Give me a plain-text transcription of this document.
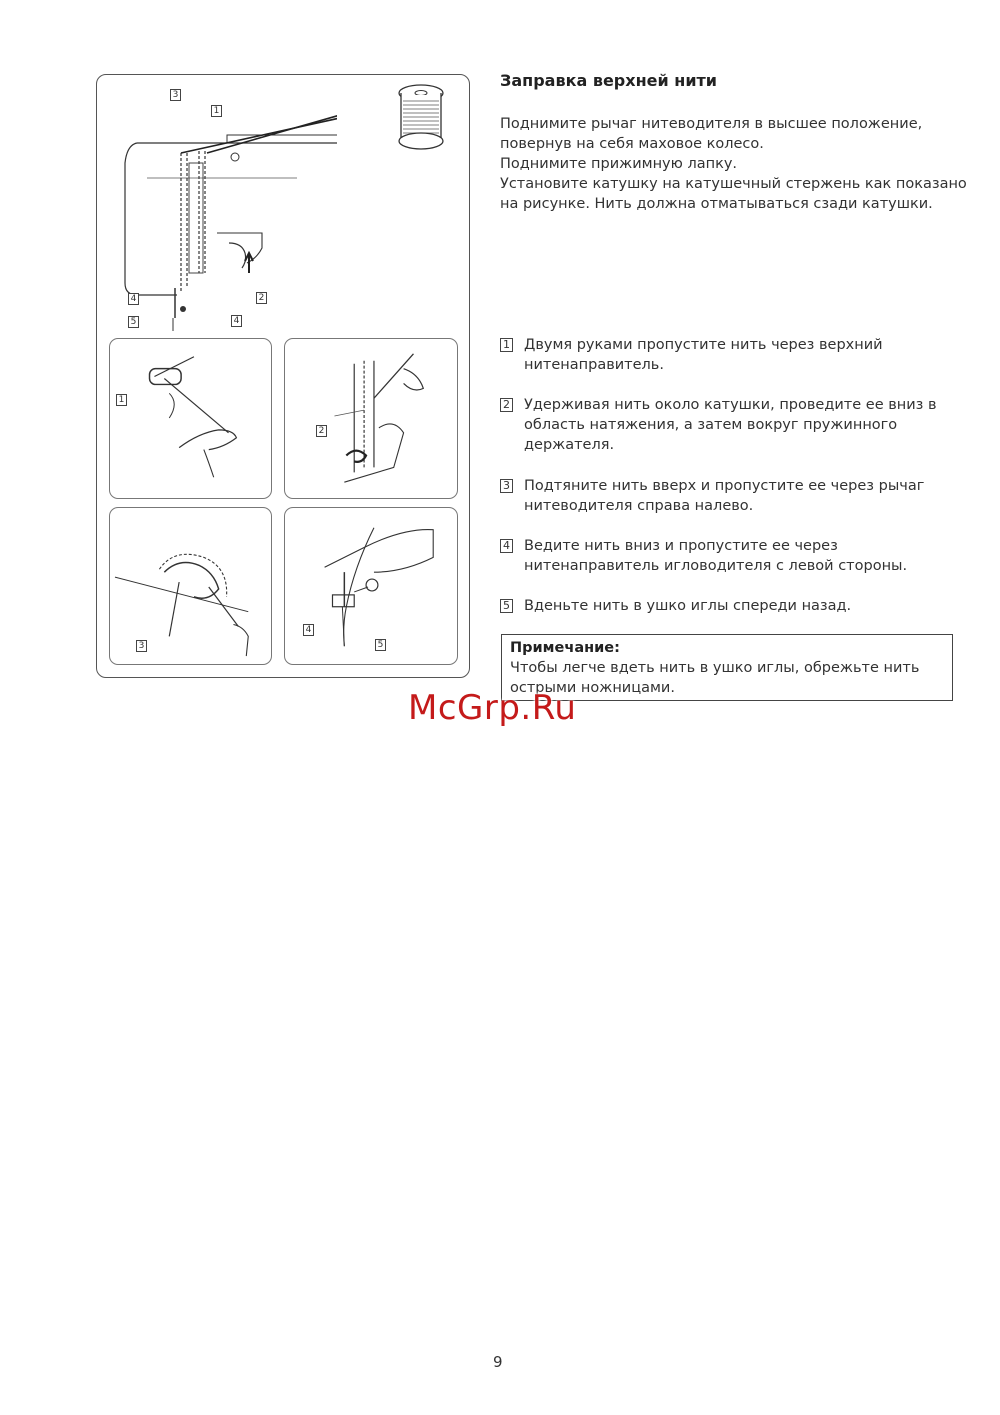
3
1
2
4
4
5
1
2
3
4
5
Заправка верхней нити
Поднимите рычаг нитеводителя в высшее положение,
повернув на себя маховое колесо.
Поднимите прижимную лапку.
Установите катушку на катушечный стержень как показано
на рисунке. Нить должна отматываться сзади катушки.
1 Двумя руками пропустите нить через верхний
нитенаправитель.
2 Удерживая нить около катушки, проведите ее вниз в
область натяжения, а затем вокруг пружинного
держателя.
3 Подтяните нить вверх и пропустите ее через рычаг
нитеводителя справа налево.
4 Ведите нить вниз и пропустите ее через
нитенаправитель игловодителя с левой стороны.
5 Вденьте нить в ушко иглы спереди назад.
Примечание:
Чтобы легче вдеть нить в ушко иглы, обрежьте нить
острыми ножницами.
McGrp.Ru
9
